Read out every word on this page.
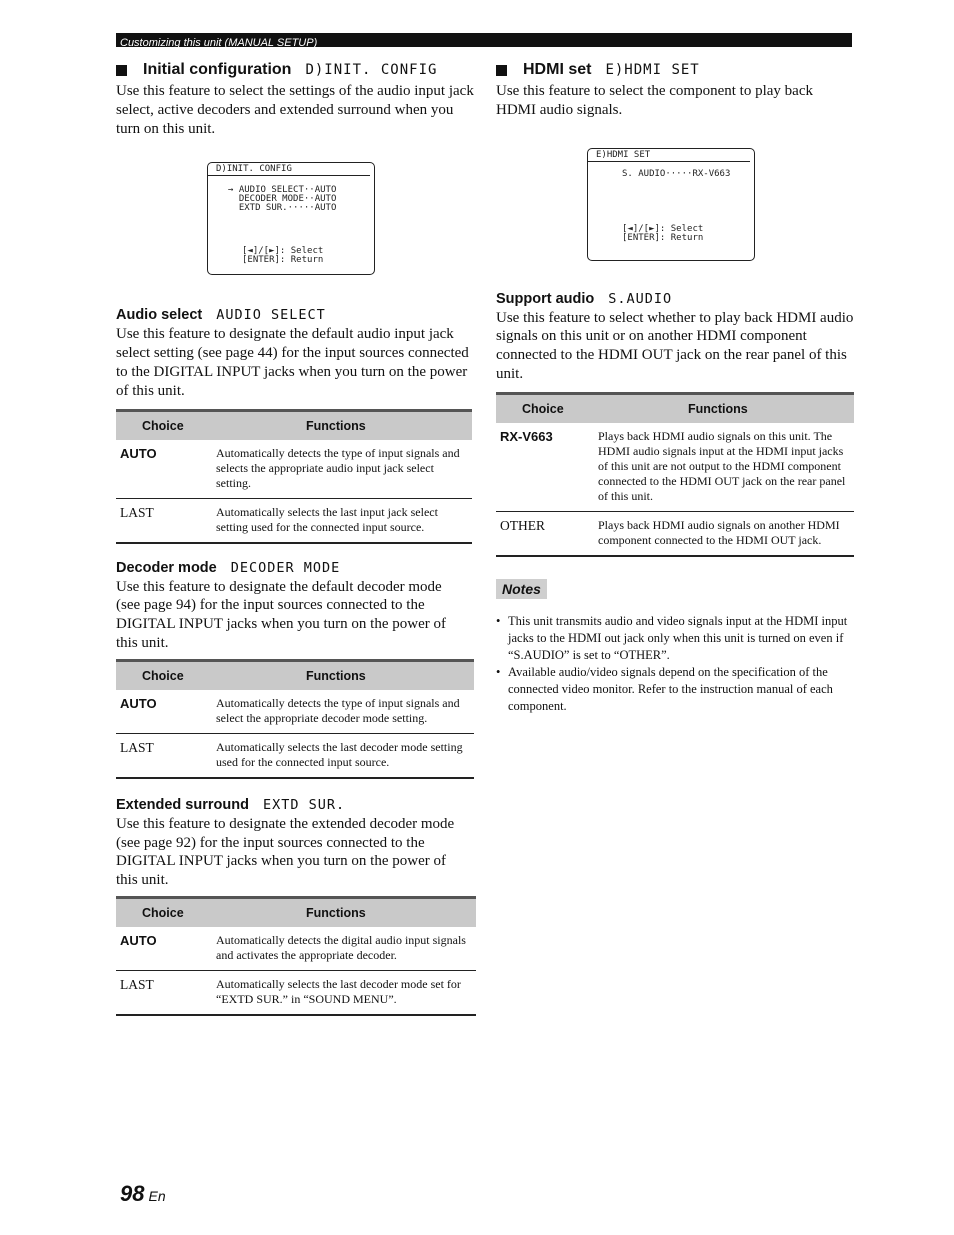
Customizing this unit (MANUAL SETUP)
Initial configuration D)INIT. CONFIG

Use this feature to select the settings of the audio input jack select, active decoders and extended surround when you turn on this unit.

D)INIT. CONFIG
→ AUDIO SELECT··AUTO
DECODER MODE··AUTO
EXTD SUR.·····AUTO
[◄]/[►]: Select
[ENTER]: Return
Audio select AUDIO SELECT

Use this feature to designate the default audio input jack select setting (see page 44) for the input sources connected to the DIGITAL INPUT jacks when you turn on the power of this unit.

Choice	Functions
AUTO	Automatically detects the type of input signals and selects the appropriate audio input jack select setting.
LAST	Automatically selects the last input jack select setting used for the connected input source.
Decoder mode DECODER MODE

Use this feature to designate the default decoder mode (see page 94) for the input sources connected to the DIGITAL INPUT jacks when you turn on the power of this unit.

Choice	Functions
AUTO	Automatically detects the type of input signals and select the appropriate decoder mode setting.
LAST	Automatically selects the last decoder mode setting used for the connected input source.
Extended surround EXTD SUR.

Use this feature to designate the extended decoder mode (see page 92) for the input sources connected to the DIGITAL INPUT jacks when you turn on the power of this unit.

Choice	Functions
AUTO	Automatically detects the digital audio input signals and activates the appropriate decoder.
LAST	Automatically selects the last decoder mode set for “EXTD SUR.” in “SOUND MENU”.
HDMI set E)HDMI SET

Use this feature to select the component to play back HDMI audio signals.

E)HDMI SET
S. AUDIO·····RX-V663
[◄]/[►]: Select
[ENTER]: Return
Support audio S.AUDIO

Use this feature to select whether to play back HDMI audio signals on this unit or on another HDMI component connected to the HDMI OUT jack on the rear panel of this unit.

Choice	Functions
RX-V663	Plays back HDMI audio signals on this unit. The HDMI audio signals input at the HDMI input jacks of this unit are not output to the HDMI component connected to the HDMI OUT jack on the rear panel of this unit.
OTHER	Plays back HDMI audio signals on another HDMI component connected to the HDMI OUT jack.
Notes
• This unit transmits audio and video signals input at the HDMI input jacks to the HDMI out jack only when this unit is turned on even if “S.AUDIO” is set to “OTHER”.
• Available audio/video signals depend on the specification of the connected video monitor. Refer to the instruction manual of each component.
98 En
